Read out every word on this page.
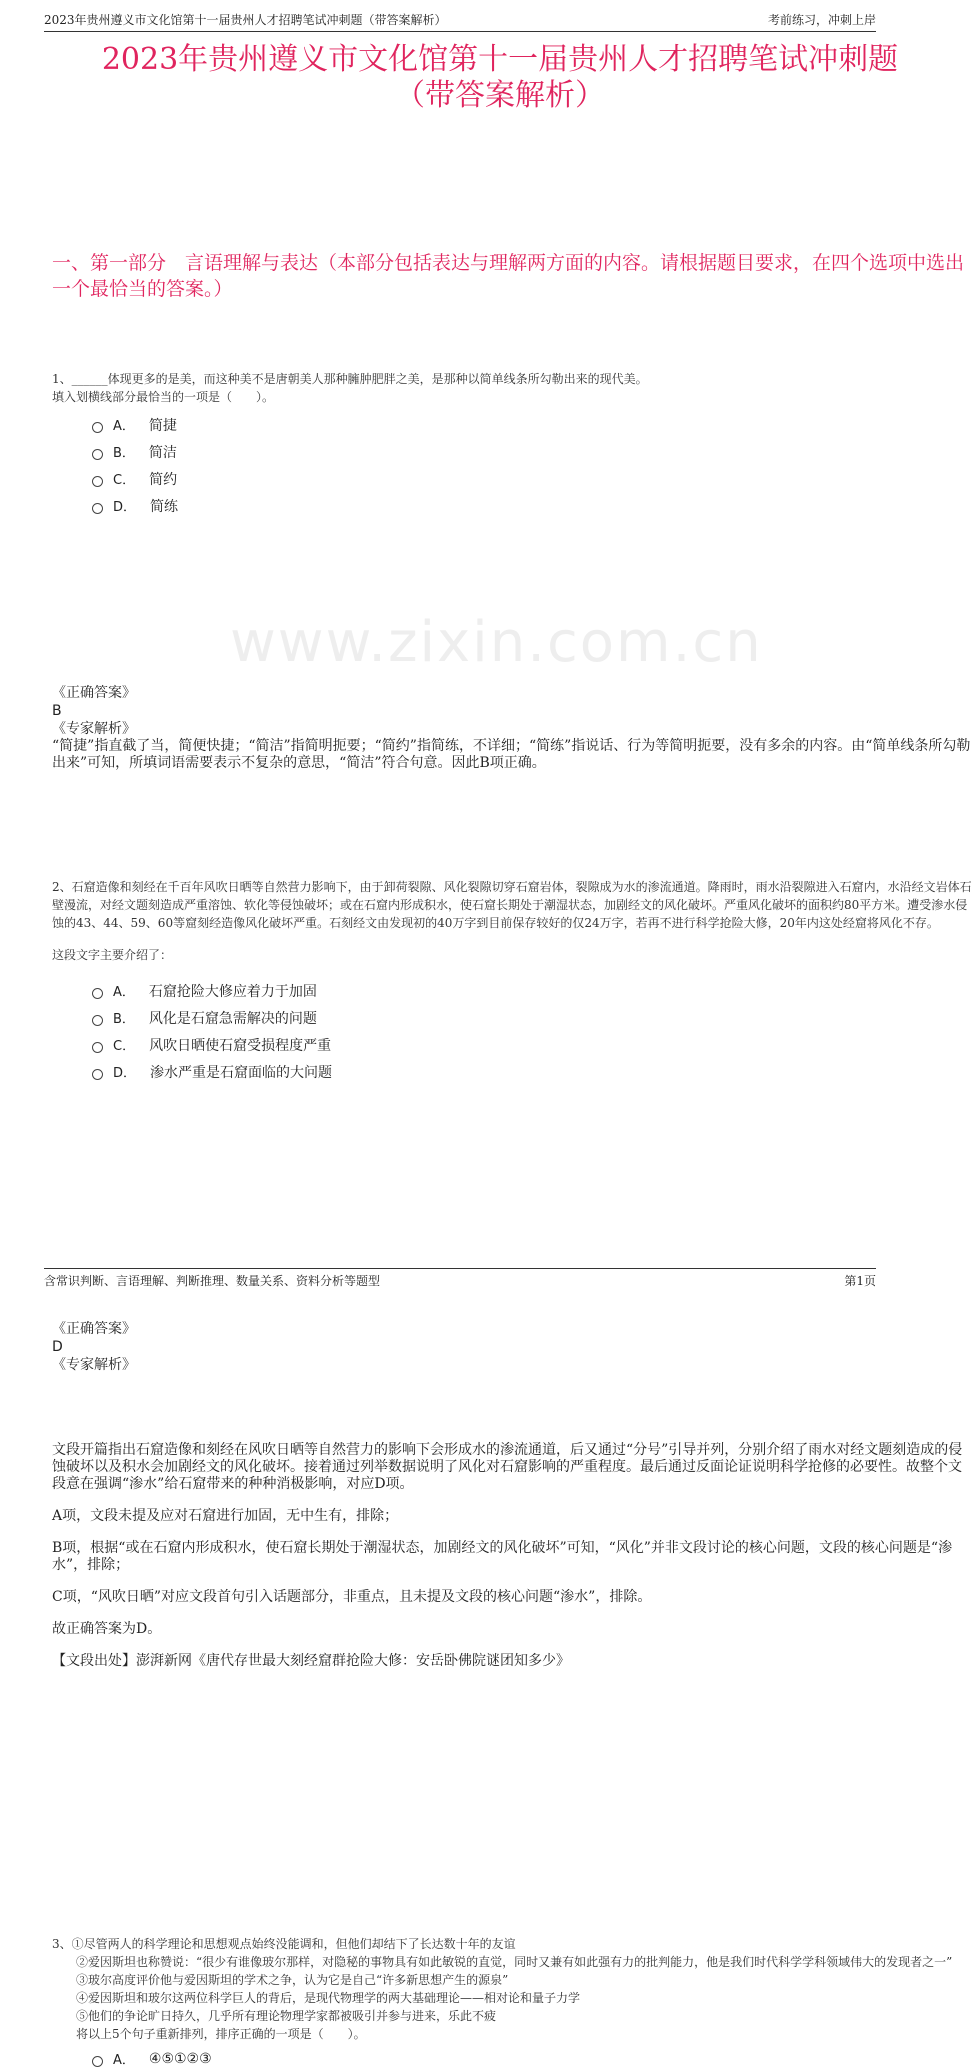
2023年贵州遵义市文化馆第十一届贵州人才招聘笔试冲刺题（带答案解析）	考前练习，冲刺上岸
www.zixin.com.cn
2023年贵州遵义市文化馆第十一届贵州人才招聘笔试冲刺题
（带答案解析）
一、第一部分　言语理解与表达（本部分包括表达与理解两方面的内容。请根据题目要求，在四个选项中选出一个最恰当的答案。）

1、______体现更多的是美，而这种美不是唐朝美人那种臃肿肥胖之美，是那种以简单线条所勾勒出来的现代美。

填入划横线部分最恰当的一项是（　　）。

A． 简捷
B． 简洁
C． 简约
D． 简练
《正确答案》
B
《专家解析》
“简捷”指直截了当，简便快捷；“简洁”指简明扼要；“简约”指简练，不详细；“简练”指说话、行为等简明扼要，没有多余的内容。由“简单线条所勾勒出来”可知，所填词语需要表示不复杂的意思，“简洁”符合句意。因此B项正确。
2、石窟造像和刻经在千百年风吹日晒等自然营力影响下，由于卸荷裂隙、风化裂隙切穿石窟岩体，裂隙成为水的渗流通道。降雨时，雨水沿裂隙进入石窟内，水沿经文岩体石壁漫流，对经文题刻造成严重溶蚀、软化等侵蚀破坏；或在石窟内形成积水，使石窟长期处于潮湿状态，加剧经文的风化破坏。严重风化破坏的面积约80平方米。遭受渗水侵蚀的43、44、59、60等窟刻经造像风化破坏严重。石刻经文由发现初的40万字到目前保存较好的仅24万字，若再不进行科学抢险大修，20年内这处经窟将风化不存。
这段文字主要介绍了：
A． 石窟抢险大修应着力于加固
B． 风化是石窟急需解决的问题
C． 风吹日晒使石窟受损程度严重
D． 渗水严重是石窟面临的大问题
《正确答案》
D
《专家解析》
文段开篇指出石窟造像和刻经在风吹日晒等自然营力的影响下会形成水的渗流通道，后又通过“分号”引导并列，分别介绍了雨水对经文题刻造成的侵蚀破坏以及积水会加剧经文的风化破坏。接着通过列举数据说明了风化对石窟影响的严重程度。最后通过反面论证说明科学抢修的必要性。故整个文段意在强调“渗水”给石窟带来的种种消极影响，对应D项。
A项，文段未提及应对石窟进行加固，无中生有，排除；
B项，根据“或在石窟内形成积水，使石窟长期处于潮湿状态，加剧经文的风化破坏”可知，“风化”并非文段讨论的核心问题，文段的核心问题是“渗水”，排除；
C项，“风吹日晒”对应文段首句引入话题部分，非重点，且未提及文段的核心问题“渗水”，排除。
故正确答案为D。
【文段出处】澎湃新网《唐代存世最大刻经窟群抢险大修：安岳卧佛院谜团知多少》
3、①尽管两人的科学理论和思想观点始终没能调和，但他们却结下了长达数十年的友谊
②爱因斯坦也称赞说：“很少有谁像玻尔那样，对隐秘的事物具有如此敏锐的直觉，同时又兼有如此强有力的批判能力，他是我们时代科学学科领域伟大的发现者之一”
③玻尔高度评价他与爱因斯坦的学术之争，认为它是自己“许多新思想产生的源泉”
④爱因斯坦和玻尔这两位科学巨人的背后，是现代物理学的两大基础理论——相对论和量子力学
⑤他们的争论旷日持久，几乎所有理论物理学家都被吸引并参与进来，乐此不疲
将以上5个句子重新排列，排序正确的一项是（　　）。
A． ④⑤①②③
含常识判断、言语理解、判断推理、数量关系、资料分析等题型	第1页
